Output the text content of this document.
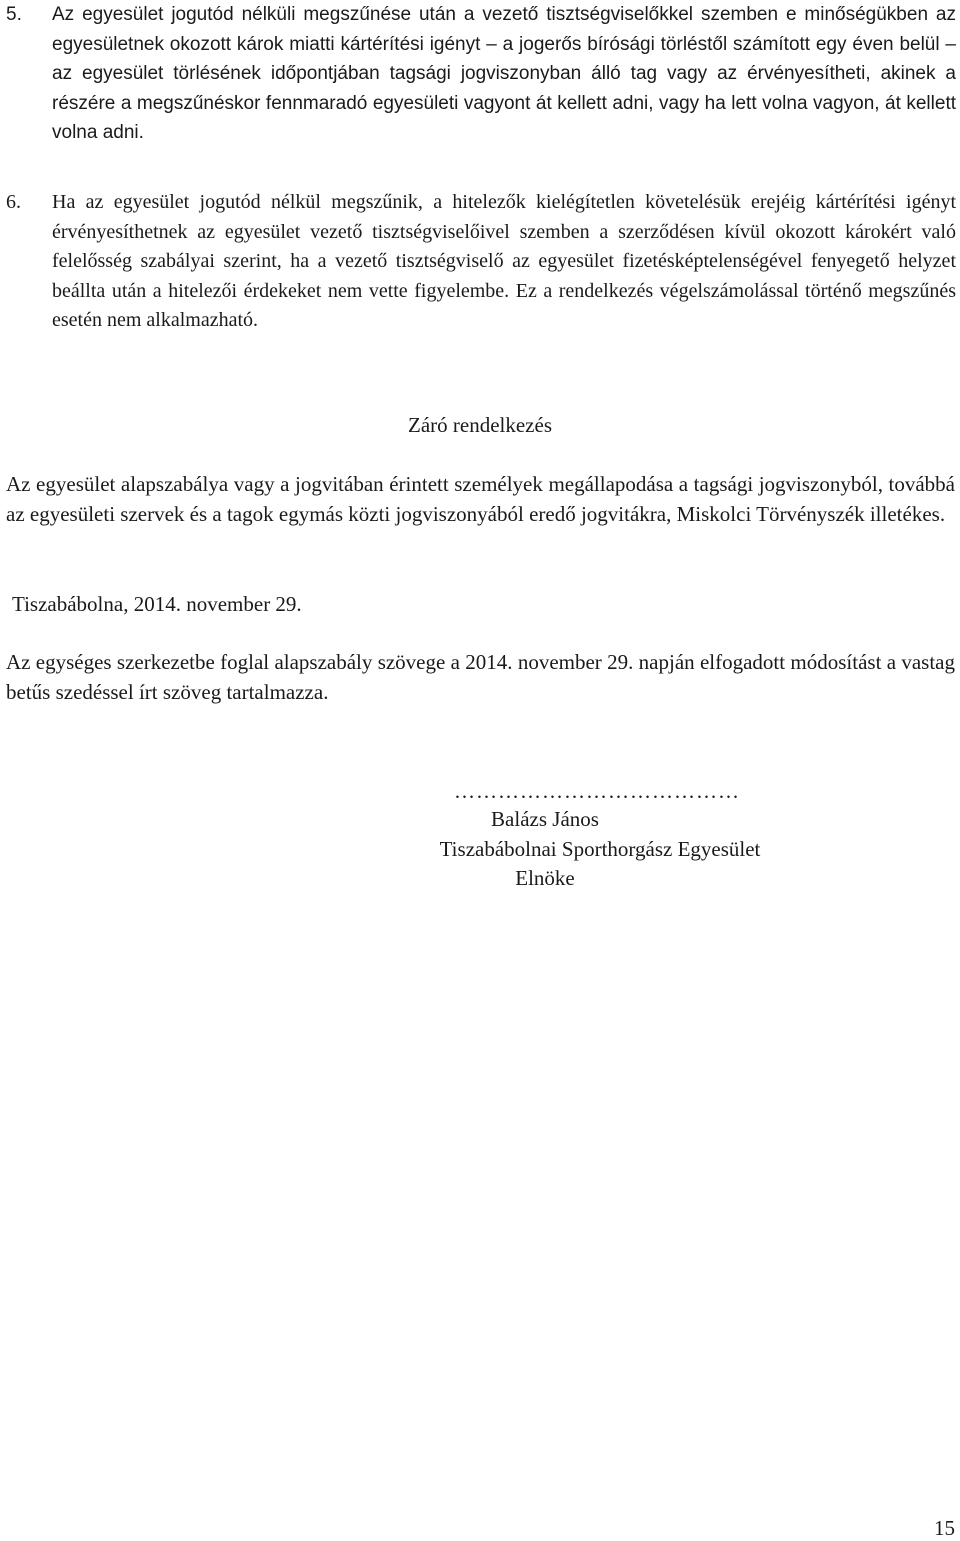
5. Az egyesület jogutód nélküli megszűnése után a vezető tisztségviselőkkel szemben e minőségükben az egyesületnek okozott károk miatti kártérítési igényt – a jogerős bírósági törléstől számított egy éven belül – az egyesület törlésének időpontjában tagsági jogviszonyban álló tag vagy az érvényesítheti, akinek a részére a megszűnéskor fennmaradó egyesületi vagyont át kellett adni, vagy ha lett volna vagyon, át kellett volna adni.
6. Ha az egyesület jogutód nélkül megszűnik, a hitelezők kielégítetlen követelésük erejéig kártérítési igényt érvényesíthetnek az egyesület vezető tisztségviselőivel szemben a szerződésen kívül okozott károkért való felelősség szabályai szerint, ha a vezető tisztségviselő az egyesület fizetésképtelenségével fenyegető helyzet beállta után a hitelezői érdekeket nem vette figyelembe. Ez a rendelkezés végelszámolással történő megszűnés esetén nem alkalmazható.
Záró rendelkezés
Az egyesület alapszabálya vagy a jogvitában érintett személyek megállapodása a tagsági jogviszonyból, továbbá az egyesületi szervek és a tagok egymás közti jogviszonyából eredő jogvitákra, Miskolci Törvényszék illetékes.
Tiszabábolna, 2014. november 29.
Az egységes szerkezetbe foglal alapszabály szövege a 2014. november 29. napján elfogadott módosítást a vastag betűs szedéssel írt szöveg tartalmazza.
…………………………………
Balázs János
Tiszabábolnai Sporthorgász Egyesület
Elnöke
15
